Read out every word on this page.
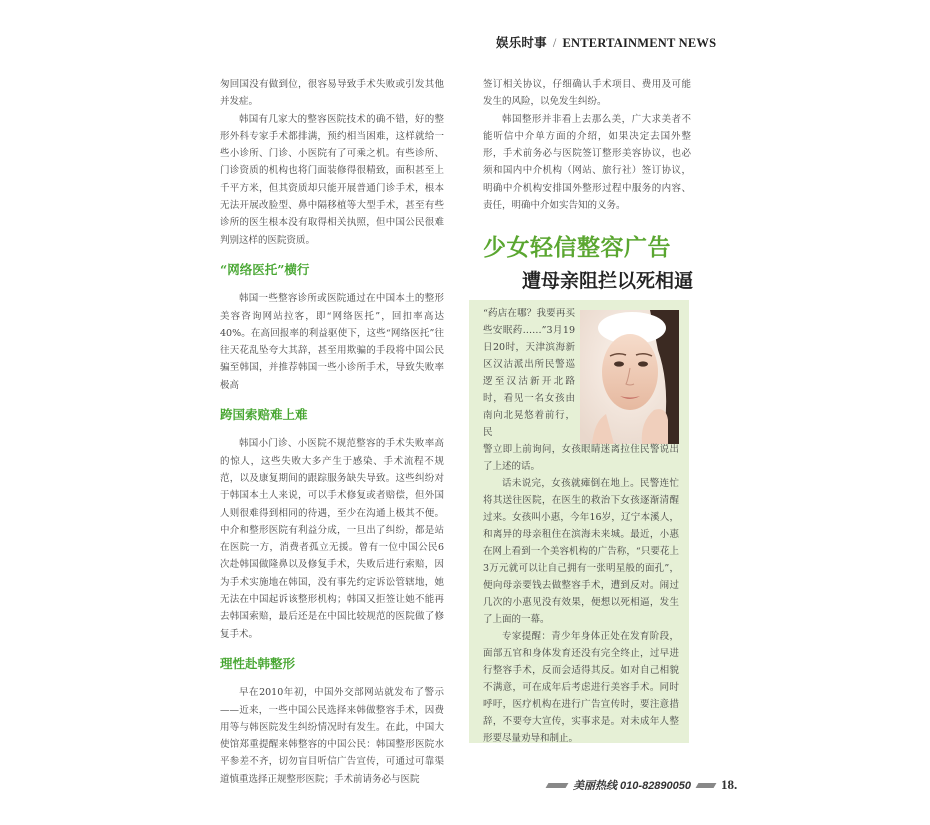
娱乐时事 / ENTERTAINMENT NEWS

匆回国没有做到位，很容易导致手术失败或引发其他并发症。

韩国有几家大的整容医院技术的确不错，好的整形外科专家手术都排满，预约相当困难，这样就给一些小诊所、门诊、小医院有了可乘之机。有些诊所、门诊资质的机构也将门面装修得很精致，面积甚至上千平方米，但其资质却只能开展普通门诊手术，根本无法开展改脸型、鼻中隔移植等大型手术，甚至有些诊所的医生根本没有取得相关执照，但中国公民很难判别这样的医院资质。

“网络医托”横行

韩国一些整容诊所或医院通过在中国本土的整形美容咨询网站拉客，即“网络医托”，回扣率高达40%。在高回报率的利益驱使下，这些“网络医托”往往天花乱坠夸大其辞，甚至用欺骗的手段将中国公民骗至韩国，并推荐韩国一些小诊所手术，导致失败率极高

跨国索赔难上难

韩国小门诊、小医院不规范整容的手术失败率高的惊人，这些失败大多产生于感染、手术流程不规范，以及康复期间的跟踪服务缺失导致。这些纠纷对于韩国本土人来说，可以手术修复或者赔偿，但外国人则很难得到相同的待遇，至少在沟通上极其不便。中介和整形医院有利益分成，一旦出了纠纷，都是站在医院一方，消费者孤立无援。曾有一位中国公民6次赴韩国做隆鼻以及修复手术，失败后进行索赔，因为手术实施地在韩国，没有事先约定诉讼管辖地，她无法在中国起诉该整形机构；韩国又拒签让她不能再去韩国索赔，最后还是在中国比较规范的医院做了修复手术。

理性赴韩整形

早在2010年初，中国外交部网站就发布了警示——近来，一些中国公民选择来韩做整容手术，因费用等与韩医院发生纠纷情况时有发生。在此，中国大使馆郑重提醒来韩整容的中国公民：韩国整形医院水平参差不齐，切勿盲目听信广告宣传，可通过可靠渠道慎重选择正规整形医院；手术前请务必与医院

签订相关协议，仔细确认手术项目、费用及可能发生的风险，以免发生纠纷。

韩国整形并非看上去那么美，广大求美者不能听信中介单方面的介绍，如果决定去国外整形，手术前务必与医院签订整形美容协议，也必须和国内中介机构（网站、旅行社）签订协议，明确中介机构安排国外整形过程中服务的内容、责任，明确中介如实告知的义务。

少女轻信整容广告
遭母亲阻拦以死相逼
“药店在哪？我要再买些安眠药……”3月19日20时，天津滨海新区汉沽派出所民警巡逻至汉沽新开北路时，看见一名女孩由南向北晃悠着前行，民

警立即上前询问，女孩眼睛迷离拉住民警说出了上述的话。

话未说完，女孩就瘫倒在地上。民警连忙将其送往医院，在医生的救治下女孩逐渐清醒过来。女孩叫小惠，今年16岁，辽宁本溪人，和离异的母亲租住在滨海未来城。最近，小惠在网上看到一个美容机构的广告称，“只要花上3万元就可以让自己拥有一张明星般的面孔”，便向母亲要钱去做整容手术，遭到反对。闹过几次的小惠见没有效果，便想以死相逼，发生了上面的一幕。

专家提醒：青少年身体正处在发育阶段，面部五官和身体发育还没有完全终止，过早进行整容手术，反而会适得其反。如对自己相貌不满意，可在成年后考虑进行美容手术。同时呼吁，医疗机构在进行广告宣传时，要注意措辞，不要夸大宣传，实事求是。对未成年人整形要尽量劝导和制止。

美丽热线 010-82890050 18.
